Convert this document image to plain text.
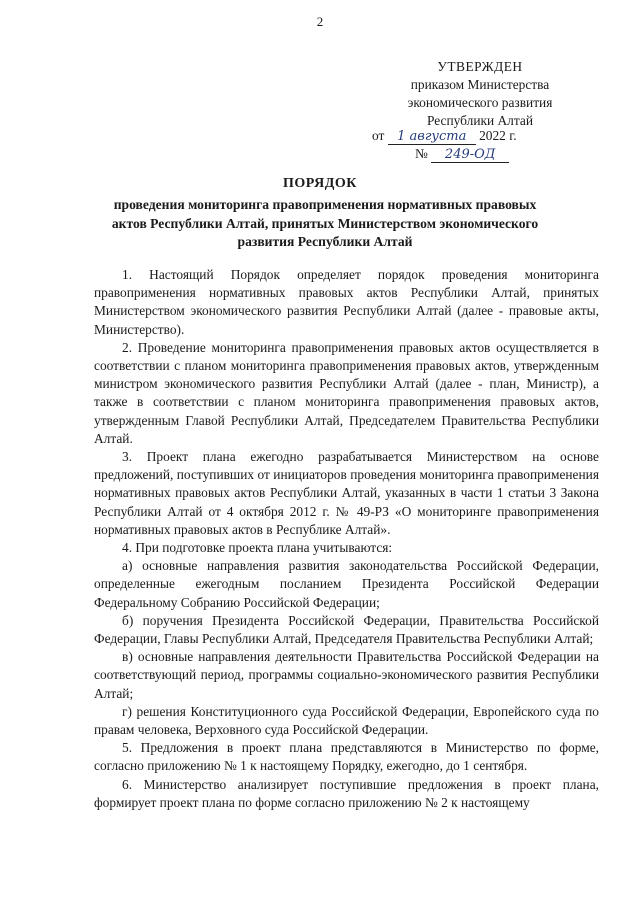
2
УТВЕРЖДЕН
приказом Министерства
экономического развития
Республики Алтай
от 1 августа 2022 г.
№ 249-ОД
ПОРЯДОК
проведения мониторинга правоприменения нормативных правовых актов Республики Алтай, принятых Министерством экономического развития Республики Алтай

1. Настоящий Порядок определяет порядок проведения мониторинга правоприменения нормативных правовых актов Республики Алтай, принятых Министерством экономического развития Республики Алтай (далее - правовые акты, Министерство).

2. Проведение мониторинга правоприменения правовых актов осуществляется в соответствии с планом мониторинга правоприменения правовых актов, утвержденным министром экономического развития Республики Алтай (далее - план, Министр), а также в соответствии с планом мониторинга правоприменения правовых актов, утвержденным Главой Республики Алтай, Председателем Правительства Республики Алтай.

3. Проект плана ежегодно разрабатывается Министерством на основе предложений, поступивших от инициаторов проведения мониторинга правоприменения нормативных правовых актов Республики Алтай, указанных в части 1 статьи 3 Закона Республики Алтай от 4 октября 2012 г. № 49-РЗ «О мониторинге правоприменения нормативных правовых актов в Республике Алтай».

4. При подготовке проекта плана учитываются:

а) основные направления развития законодательства Российской Федерации, определенные ежегодным посланием Президента Российской Федерации Федеральному Собранию Российской Федерации;

б) поручения Президента Российской Федерации, Правительства Российской Федерации, Главы Республики Алтай, Председателя Правительства Республики Алтай;

в) основные направления деятельности Правительства Российской Федерации на соответствующий период, программы социально-экономического развития Республики Алтай;

г) решения Конституционного суда Российской Федерации, Европейского суда по правам человека, Верховного суда Российской Федерации.

5. Предложения в проект плана представляются в Министерство по форме, согласно приложению № 1 к настоящему Порядку, ежегодно, до 1 сентября.

6. Министерство анализирует поступившие предложения в проект плана, формирует проект плана по форме согласно приложению № 2 к настоящему
